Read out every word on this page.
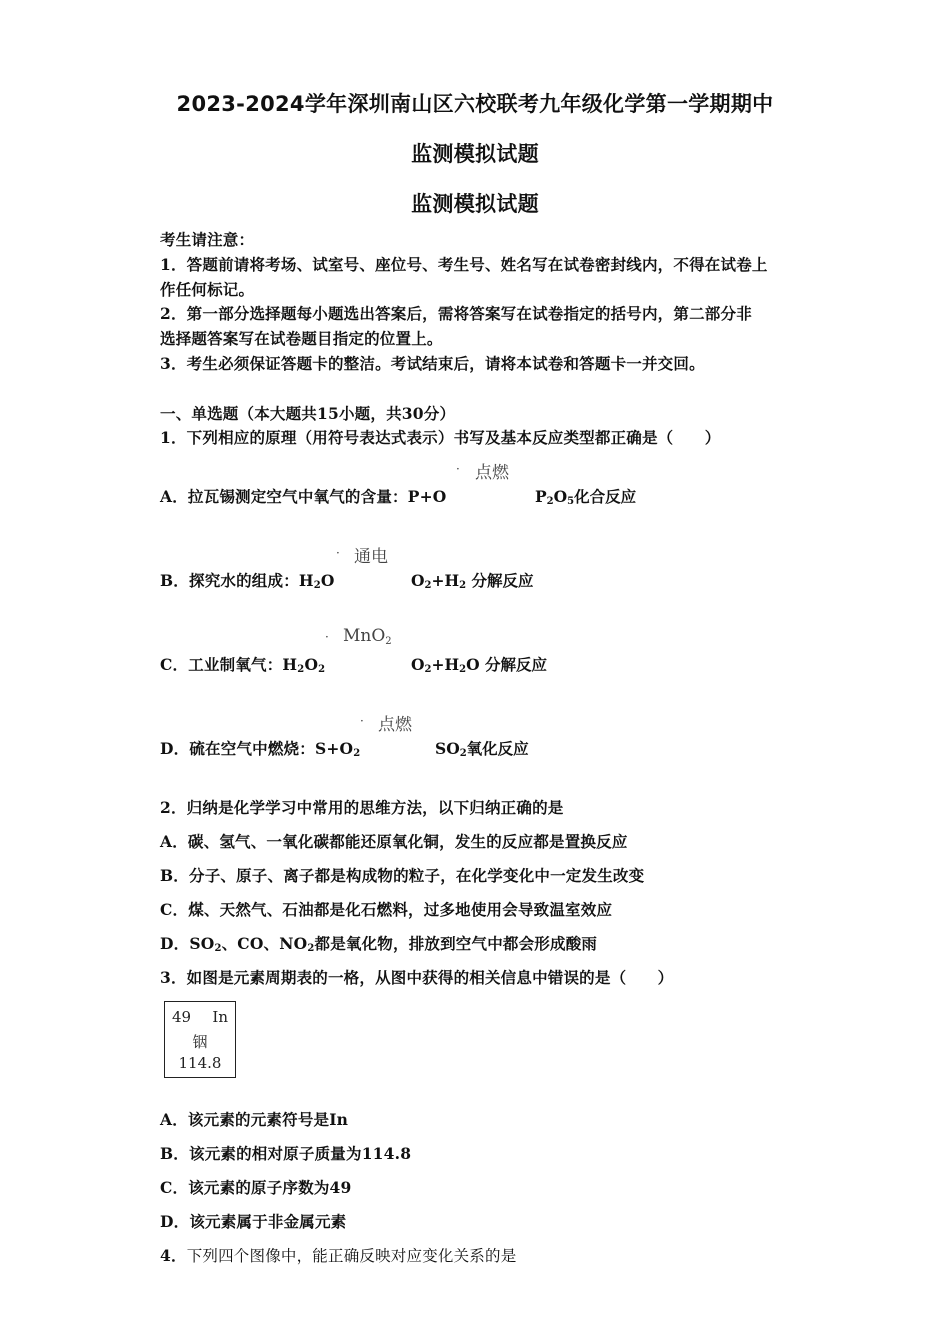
2023-2024学年深圳南山区六校联考九年级化学第一学期期中
监测模拟试题
监测模拟试题
考生请注意：
1．答题前请将考场、试室号、座位号、考生号、姓名写在试卷密封线内，不得在试卷上
作任何标记。
2．第一部分选择题每小题选出答案后，需将答案写在试卷指定的括号内，第二部分非
选择题答案写在试卷题目指定的位置上。
3．考生必须保证答题卡的整洁。考试结束后，请将本试卷和答题卡一并交回。
一、单选题（本大题共15小题，共30分）
1．下列相应的原理（用符号表达式表示）书写及基本反应类型都正确是（　　）
· 点燃
A．拉瓦锡测定空气中氧气的含量：P+O	$P_2O_5$化合反应
· 通电
B．探究水的组成：$H_2O$	$O_2+H_2$ 分解反应
· MnO$_2$
C．工业制氧气：$H_2O_2$	$O_2+H_2O$ 分解反应
· 点燃
D．硫在空气中燃烧：$S+O_2$	$SO_2$氧化反应
2．归纳是化学学习中常用的思维方法，以下归纳正确的是
A．碳、氢气、一氧化碳都能还原氧化铜，发生的反应都是置换反应
B．分子、原子、离子都是构成物的粒子，在化学变化中一定发生改变
C．煤、天然气、石油都是化石燃料，过多地使用会导致温室效应
D．$SO_2$、CO、$NO_2$都是氧化物，排放到空气中都会形成酸雨
3．如图是元素周期表的一格，从图中获得的相关信息中错误的是（　　）
49 In
铟
114.8
A．该元素的元素符号是In
B．该元素的相对原子质量为114.8
C．该元素的原子序数为49
D．该元素属于非金属元素
4．下列四个图像中，能正确反映对应变化关系的是
